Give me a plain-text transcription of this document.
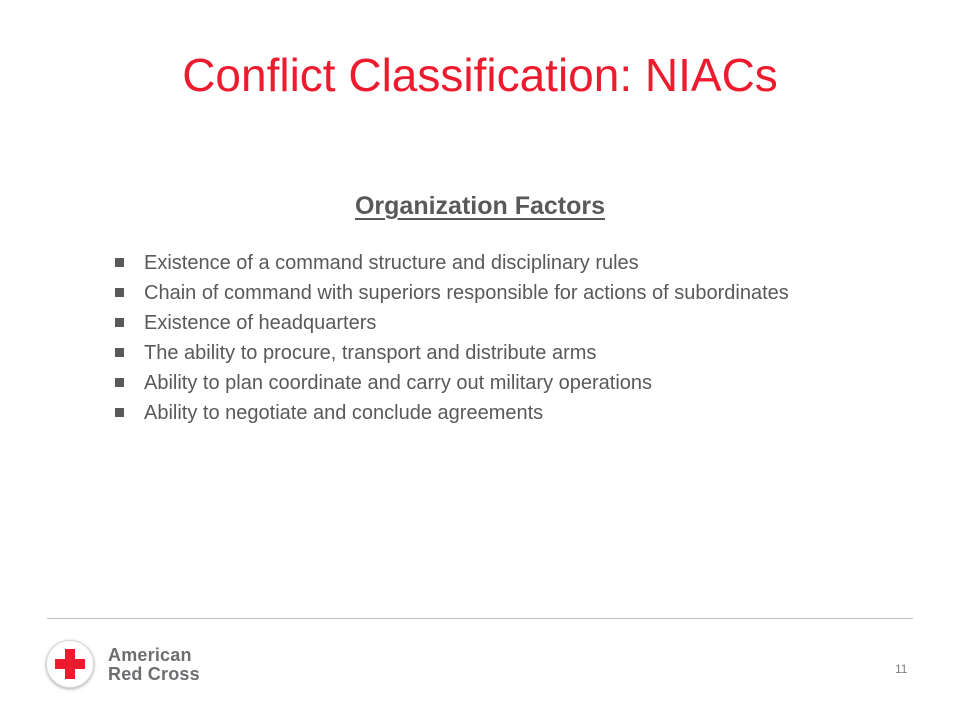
Conflict Classification: NIACs
Organization Factors
Existence of a command structure and disciplinary rules
Chain of command with superiors responsible for actions of subordinates
Existence of headquarters
The ability to procure, transport and distribute arms
Ability to plan coordinate and carry out military operations
Ability to negotiate and conclude agreements
American
Red Cross	11
